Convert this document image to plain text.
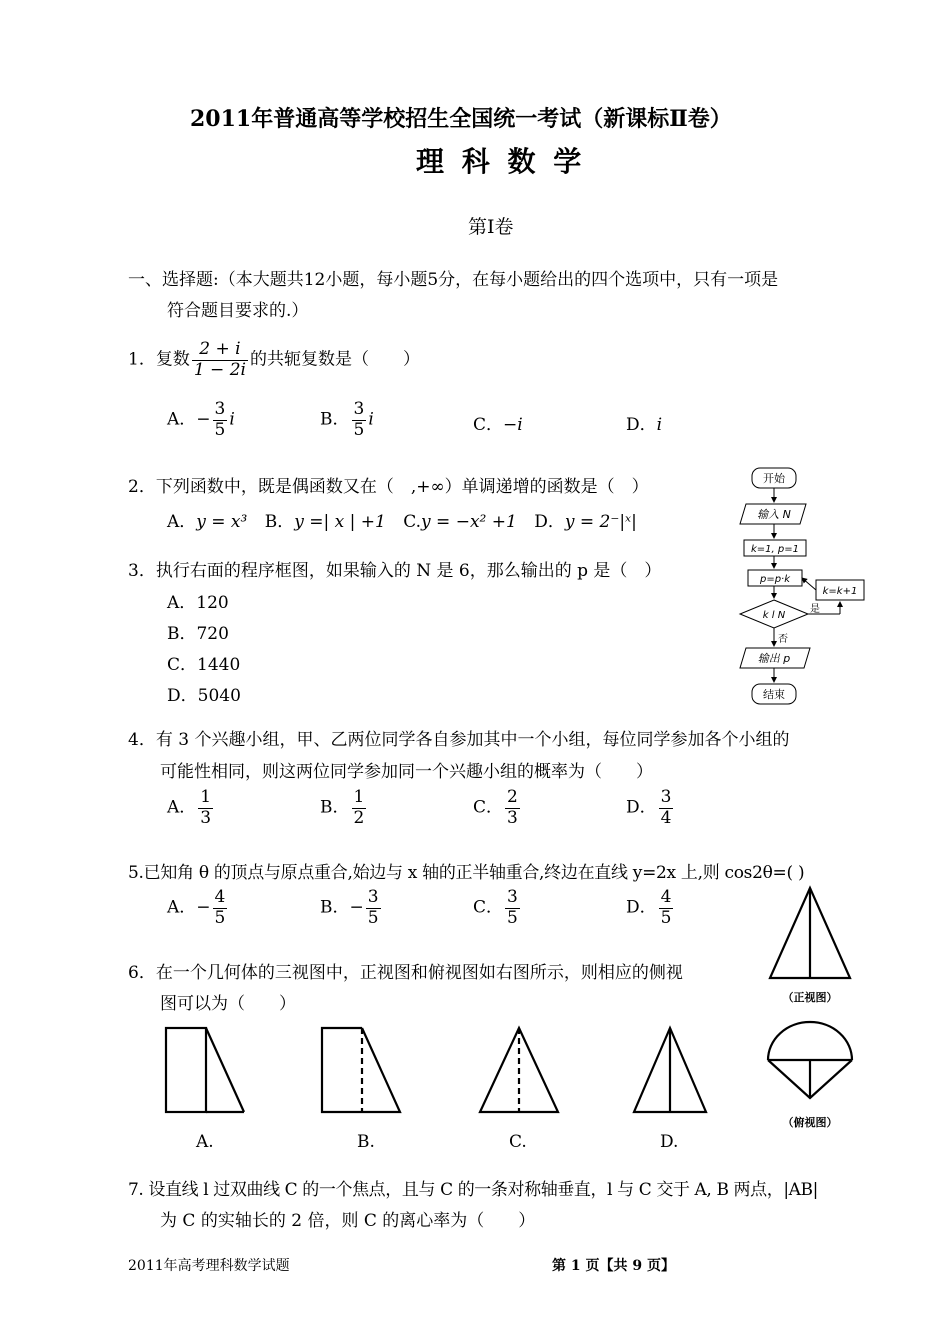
2011年普通高等学校招生全国统一考试（新课标Ⅱ卷）
理 科 数 学
第Ⅰ卷
一、选择题:（本大题共12小题，每小题5分，在每小题给出的四个选项中，只有一项是
符合题目要求的.）
1．复数 $\frac{2 + i}{1 - 2i}$ 的共轭复数是（　　）
A．− $\frac{3}{5}$ i	B． $\frac{3}{5}$ i	C．−i	D．i
2．下列函数中，既是偶函数又在（　,+∞）单调递增的函数是（　）
A．y = x³ B．y =| x | +1 C.y = −x² +1 D．y = 2⁻|ˣ|
3．执行右面的程序框图，如果输入的 N 是 6，那么输出的 p 是（　）
A．120
B．720
C．1440
D．5040
开始
输入 N
k=1, p=1
p=p·k
k l N
是
否
k=k+1
输出 p
结束
4．有 3 个兴趣小组，甲、乙两位同学各自参加其中一个小组，每位同学参加各个小组的
可能性相同，则这两位同学参加同一个兴趣小组的概率为（　　）
A． $\frac{1}{3}$	B． $\frac{1}{2}$	C． $\frac{2}{3}$	D． $\frac{3}{4}$
5.已知角 θ 的顶点与原点重合,始边与 x 轴的正半轴重合,终边在直线 y=2x 上,则 cos2θ=( )
A．− $\frac{4}{5}$	B．− $\frac{3}{5}$	C． $\frac{3}{5}$	D． $\frac{4}{5}$
6．在一个几何体的三视图中，正视图和俯视图如右图所示，则相应的侧视
图可以为（　　）	（正视图）
（俯视图）
A.	B.	C.	D.
7. 设直线 l 过双曲线 C 的一个焦点，且与 C 的一条对称轴垂直，l 与 C 交于 A, B 两点，|AB|
为 C 的实轴长的 2 倍，则 C 的离心率为（　　）
2011年高考理科数学试题	第 1 页【共 9 页】
